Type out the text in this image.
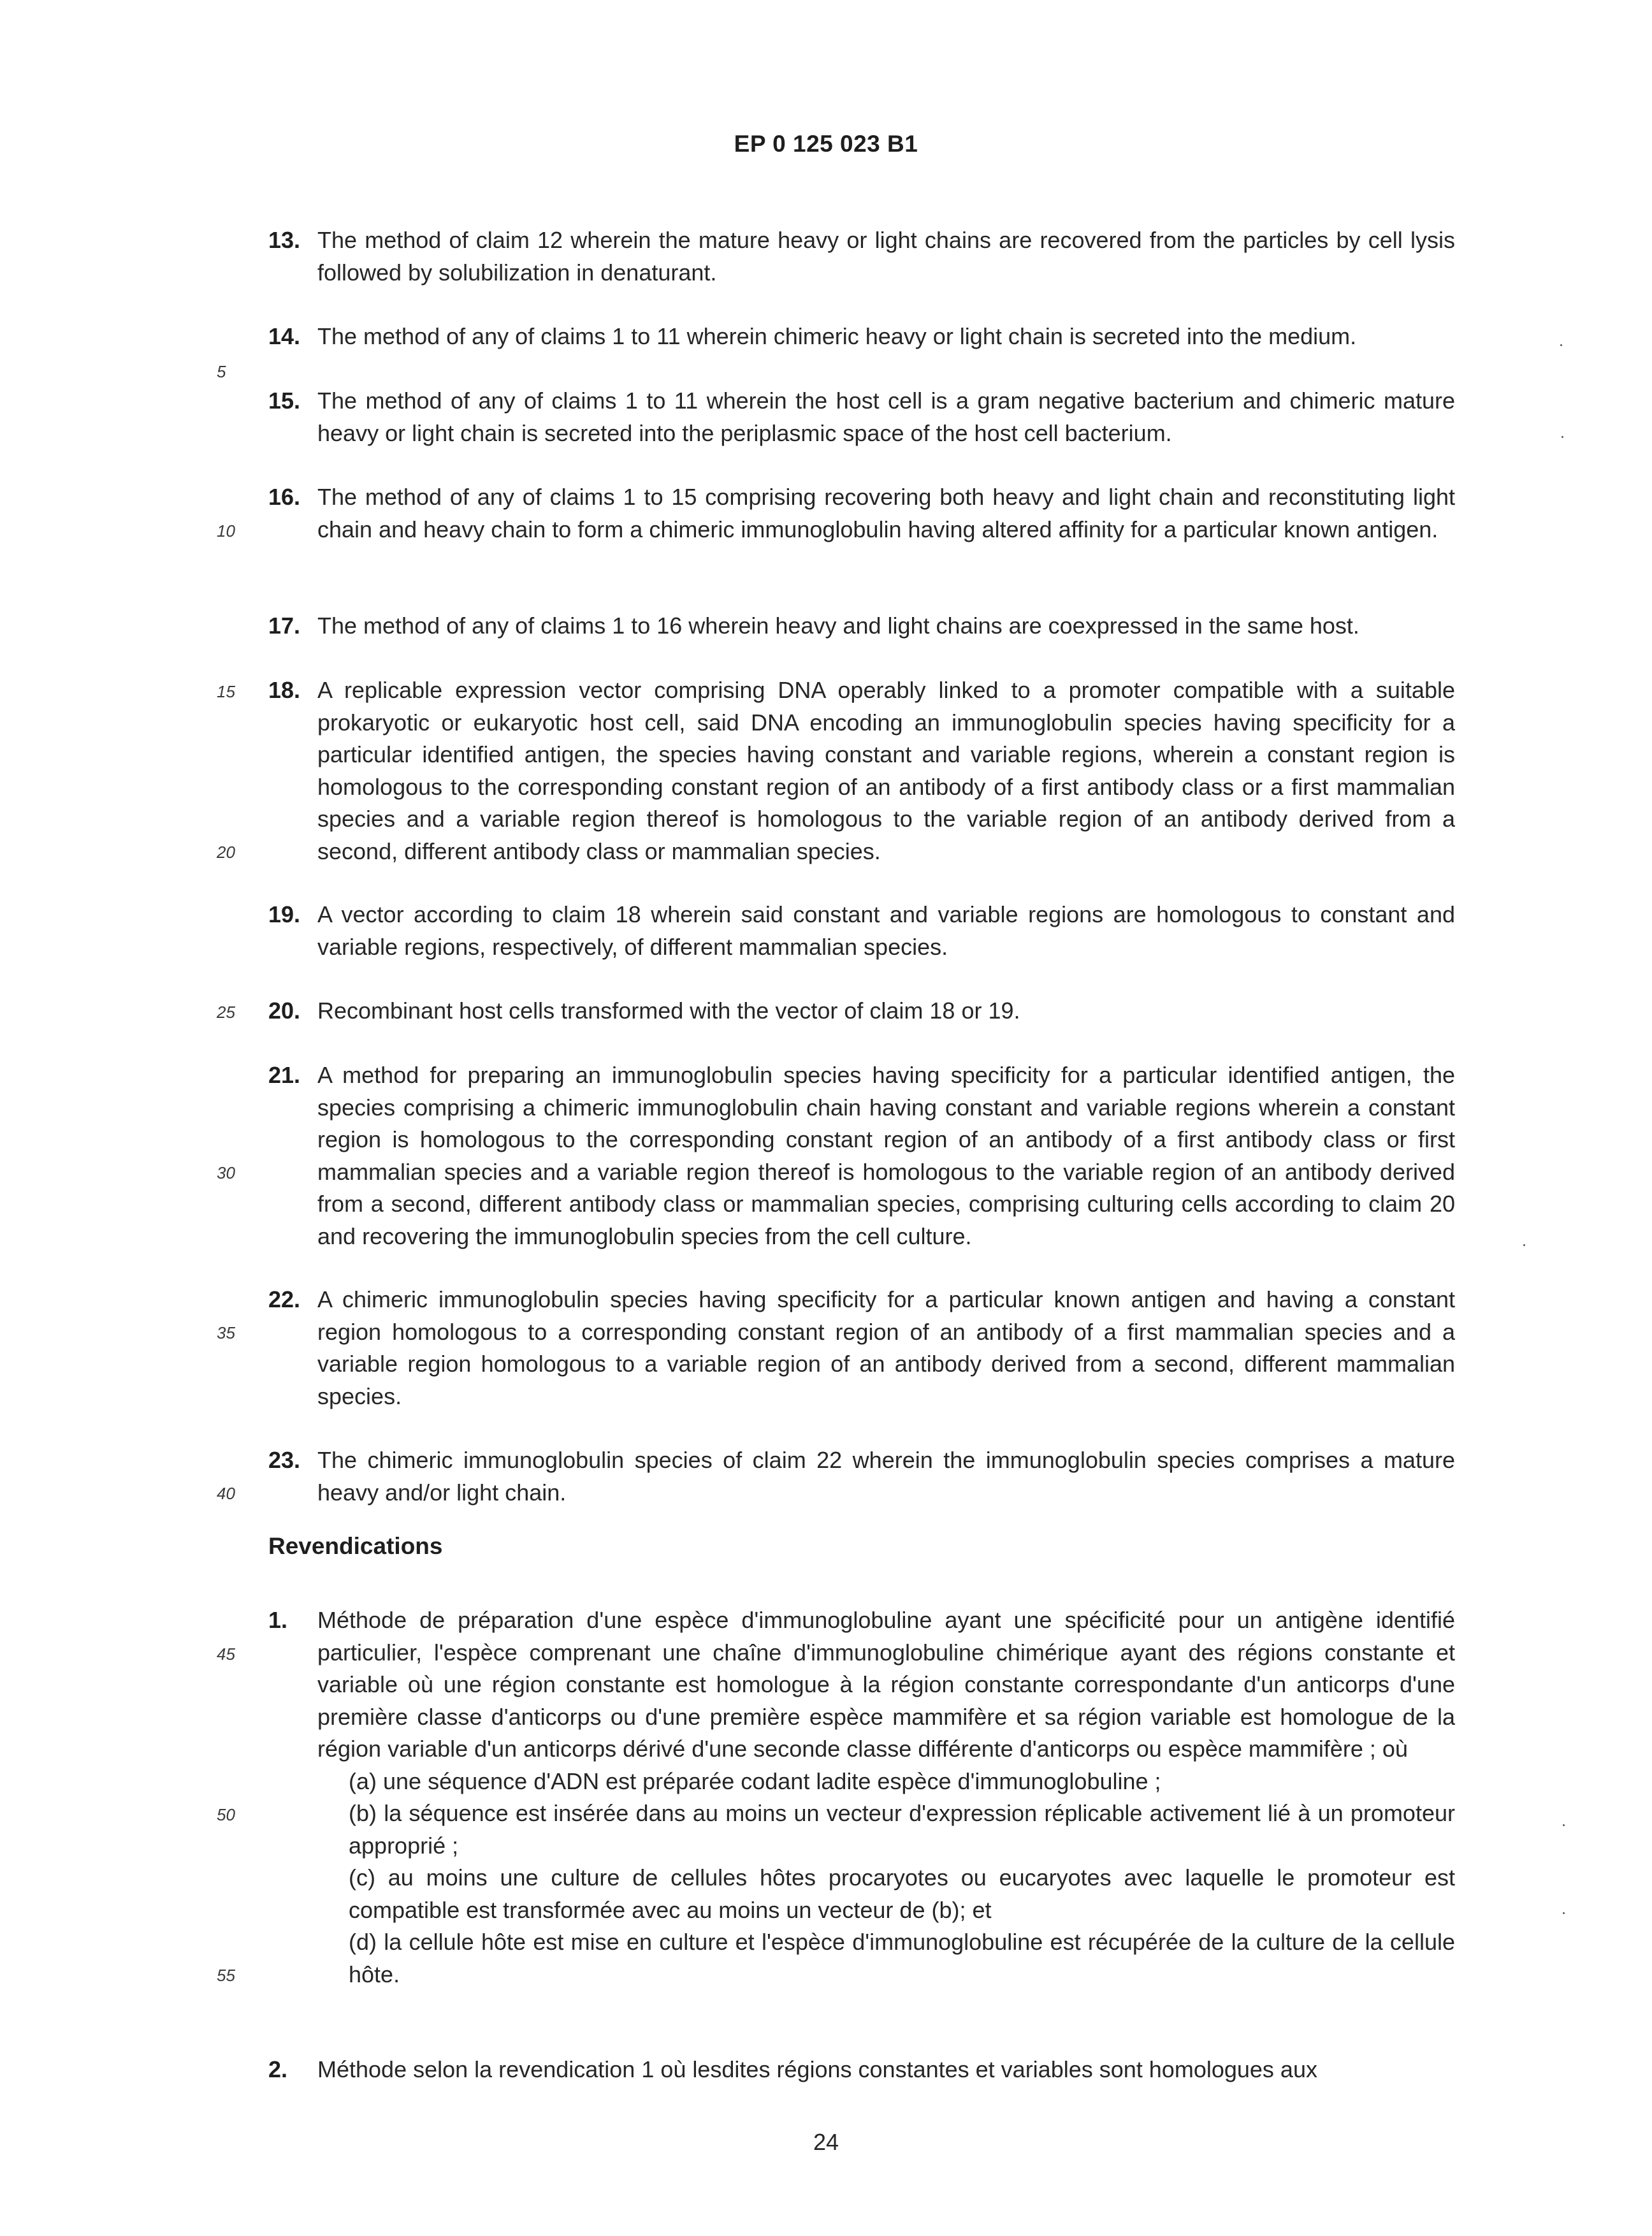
EP 0 125 023 B1
13. The method of claim 12 wherein the mature heavy or light chains are recovered from the particles by cell lysis followed by solubilization in denaturant.
14. The method of any of claims 1 to 11 wherein chimeric heavy or light chain is secreted into the medium.
15. The method of any of claims 1 to 11 wherein the host cell is a gram negative bacterium and chimeric mature heavy or light chain is secreted into the periplasmic space of the host cell bacterium.
16. The method of any of claims 1 to 15 comprising recovering both heavy and light chain and reconstituting light chain and heavy chain to form a chimeric immunoglobulin having altered affinity for a particular known antigen.
17. The method of any of claims 1 to 16 wherein heavy and light chains are coexpressed in the same host.
18. A replicable expression vector comprising DNA operably linked to a promoter compatible with a suitable prokaryotic or eukaryotic host cell, said DNA encoding an immunoglobulin species having specificity for a particular identified antigen, the species having constant and variable regions, wherein a constant region is homologous to the corresponding constant region of an antibody of a first antibody class or a first mammalian species and a variable region thereof is homologous to the variable region of an antibody derived from a second, different antibody class or mammalian species.
19. A vector according to claim 18 wherein said constant and variable regions are homologous to constant and variable regions, respectively, of different mammalian species.
20. Recombinant host cells transformed with the vector of claim 18 or 19.
21. A method for preparing an immunoglobulin species having specificity for a particular identified antigen, the species comprising a chimeric immunoglobulin chain having constant and variable regions wherein a constant region is homologous to the corresponding constant region of an antibody of a first antibody class or first mammalian species and a variable region thereof is homologous to the variable region of an antibody derived from a second, different antibody class or mammalian species, comprising culturing cells according to claim 20 and recovering the immunoglobulin species from the cell culture.
22. A chimeric immunoglobulin species having specificity for a particular known antigen and having a constant region homologous to a corresponding constant region of an antibody of a first mammalian species and a variable region homologous to a variable region of an antibody derived from a second, different mammalian species.
23. The chimeric immunoglobulin species of claim 22 wherein the immunoglobulin species comprises a mature heavy and/or light chain.
Revendications
1. Méthode de préparation d'une espèce d'immunoglobuline ayant une spécificité pour un antigène identifié particulier, l'espèce comprenant une chaîne d'immunoglobuline chimérique ayant des régions constante et variable où une région constante est homologue à la région constante correspondante d'un anticorps d'une première classe d'anticorps ou d'une première espèce mammifère et sa région variable est homologue de la région variable d'un anticorps dérivé d'une seconde classe différente d'anticorps ou espèce mammifère ; où
(a) une séquence d'ADN est préparée codant ladite espèce d'immunoglobuline ;
(b) la séquence est insérée dans au moins un vecteur d'expression réplicable activement lié à un promoteur approprié ;
(c) au moins une culture de cellules hôtes procaryotes ou eucaryotes avec laquelle le promoteur est compatible est transformée avec au moins un vecteur de (b); et
(d) la cellule hôte est mise en culture et l'espèce d'immunoglobuline est récupérée de la culture de la cellule hôte.
2. Méthode selon la revendication 1 où lesdites régions constantes et variables sont homologues aux
5
10
15
20
25
30
35
40
45
50
55
24
